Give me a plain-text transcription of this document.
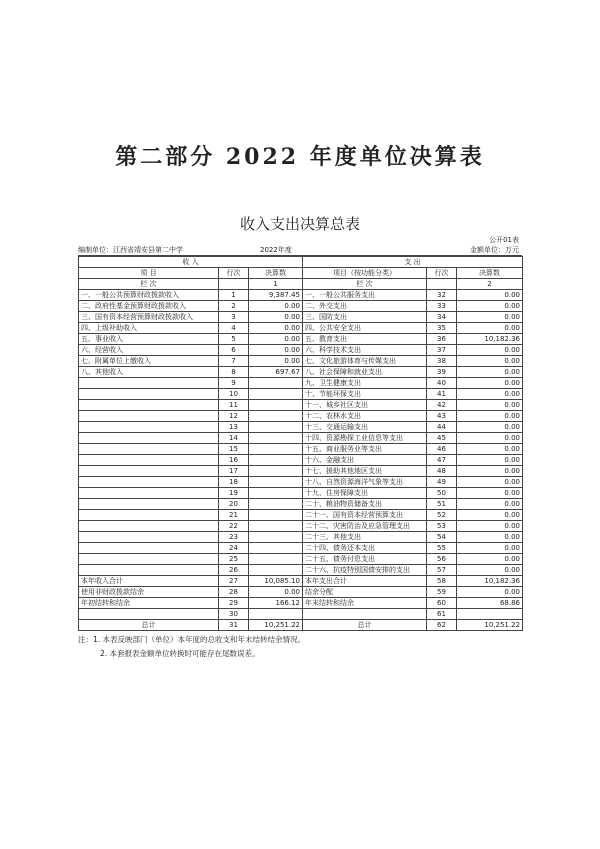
第二部分 2022 年度单位决算表
收入支出决算总表
公开01表
编制单位：江西省靖安县第二中学	2022年度	金额单位：万元
收 入			支 出		
项 目	行次	决算数	项目（按功能分类）	行次	决算数
栏 次		1	栏 次		2
一、一般公共预算财政拨款收入	1	9,387.45	一、一般公共服务支出	32	0.00
二、政府性基金预算财政拨款收入	2	0.00	二、外交支出	33	0.00
三、国有资本经营预算财政拨款收入	3	0.00	三、国防支出	34	0.00
四、上级补助收入	4	0.00	四、公共安全支出	35	0.00
五、事业收入	5	0.00	五、教育支出	36	10,182.36
六、经营收入	6	0.00	六、科学技术支出	37	0.00
七、附属单位上缴收入	7	0.00	七、文化旅游体育与传媒支出	38	0.00
八、其他收入	8	697.67	八、社会保障和就业支出	39	0.00
	9		九、卫生健康支出	40	0.00
	10		十、节能环保支出	41	0.00
	11		十一、城乡社区支出	42	0.00
	12		十二、农林水支出	43	0.00
	13		十三、交通运输支出	44	0.00
	14		十四、资源勘探工业信息等支出	45	0.00
	15		十五、商业服务业等支出	46	0.00
	16		十六、金融支出	47	0.00
	17		十七、援助其他地区支出	48	0.00
	18		十八、自然资源海洋气象等支出	49	0.00
	19		十九、住房保障支出	50	0.00
	20		二十、粮油物资储备支出	51	0.00
	21		二十一、国有资本经营预算支出	52	0.00
	22		二十二、灾害防治及应急管理支出	53	0.00
	23		二十三、其他支出	54	0.00
	24		二十四、债务还本支出	55	0.00
	25		二十五、债务付息支出	56	0.00
	26		二十六、抗疫特别国债安排的支出	57	0.00
本年收入合计	27	10,085.10	本年支出合计	58	10,182.36
使用非财政拨款结余	28	0.00	结余分配	59	0.00
年初结转和结余	29	166.12	年末结转和结余	60	68.86
	30			61	
总计	31	10,251.22	总计	62	10,251.22
注：1. 本表反映部门（单位）本年度的总收支和年末结转结余情况。
2. 本套报表金额单位转换时可能存在尾数误差。
